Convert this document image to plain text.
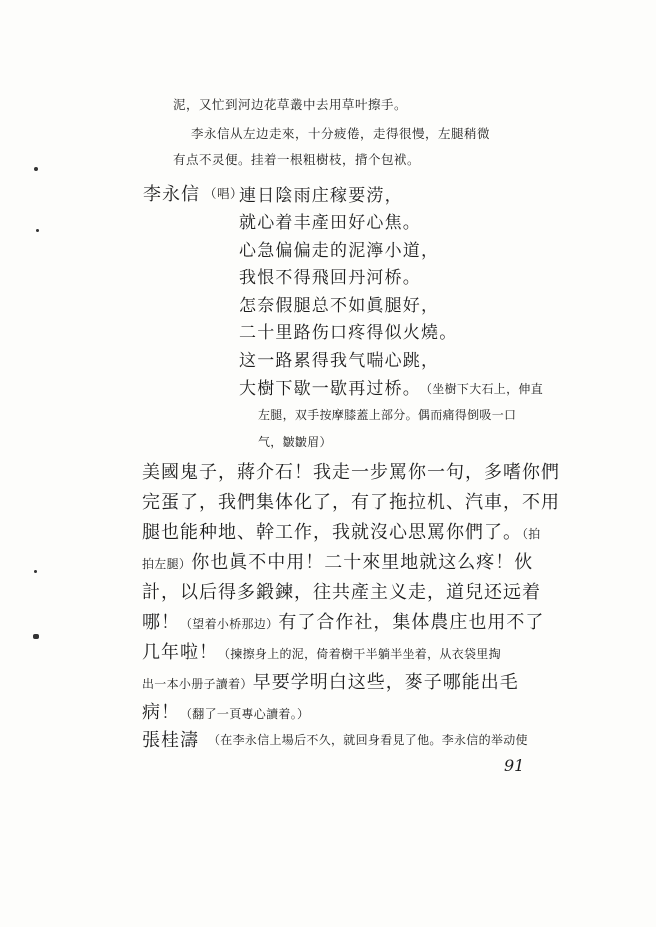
泥，又忙到河边花草叢中去用草叶擦手。
李永信从左边走來，十分疲倦，走得很慢，左腿稍微
有点不灵便。挂着一根粗樹枝，揹个包袱。
李永信 （唱）
連日陰雨庄稼要涝，
就心着丰產田好心焦。
心急偏偏走的泥濘小道，
我恨不得飛回丹河桥。
怎奈假腿总不如眞腿好，
二十里路伤口疼得似火燒。
这一路累得我气喘心跳，
大樹下歇一歇再过桥。 （坐樹下大石上，伸直
左腿，双手按摩膝蓋上部分。偶而痛得倒吸一口
气，皺皺眉）
美國鬼子，蔣介石！我走一步罵你一句，多嗜你們
完蛋了，我們集体化了，有了拖拉机、汽車，不用
腿也能种地、幹工作，我就沒心思罵你們了。（拍
拍左腿）你也眞不中用！二十來里地就这么疼！伙
計，以后得多鍛鍊，往共產主义走，道兒还远着
哪！（望着小桥那边）有了合作社，集体農庄也用不了
几年啦！（揀擦身上的泥，倚着樹干半躺半坐着，从衣袋里掏
出一本小册子讀着）早要学明白这些，麥子哪能出毛
病！（翻了一頁專心讀着。）
張桂濤 （在李永信上場后不久，就回身看見了他。李永信的举动使
91
